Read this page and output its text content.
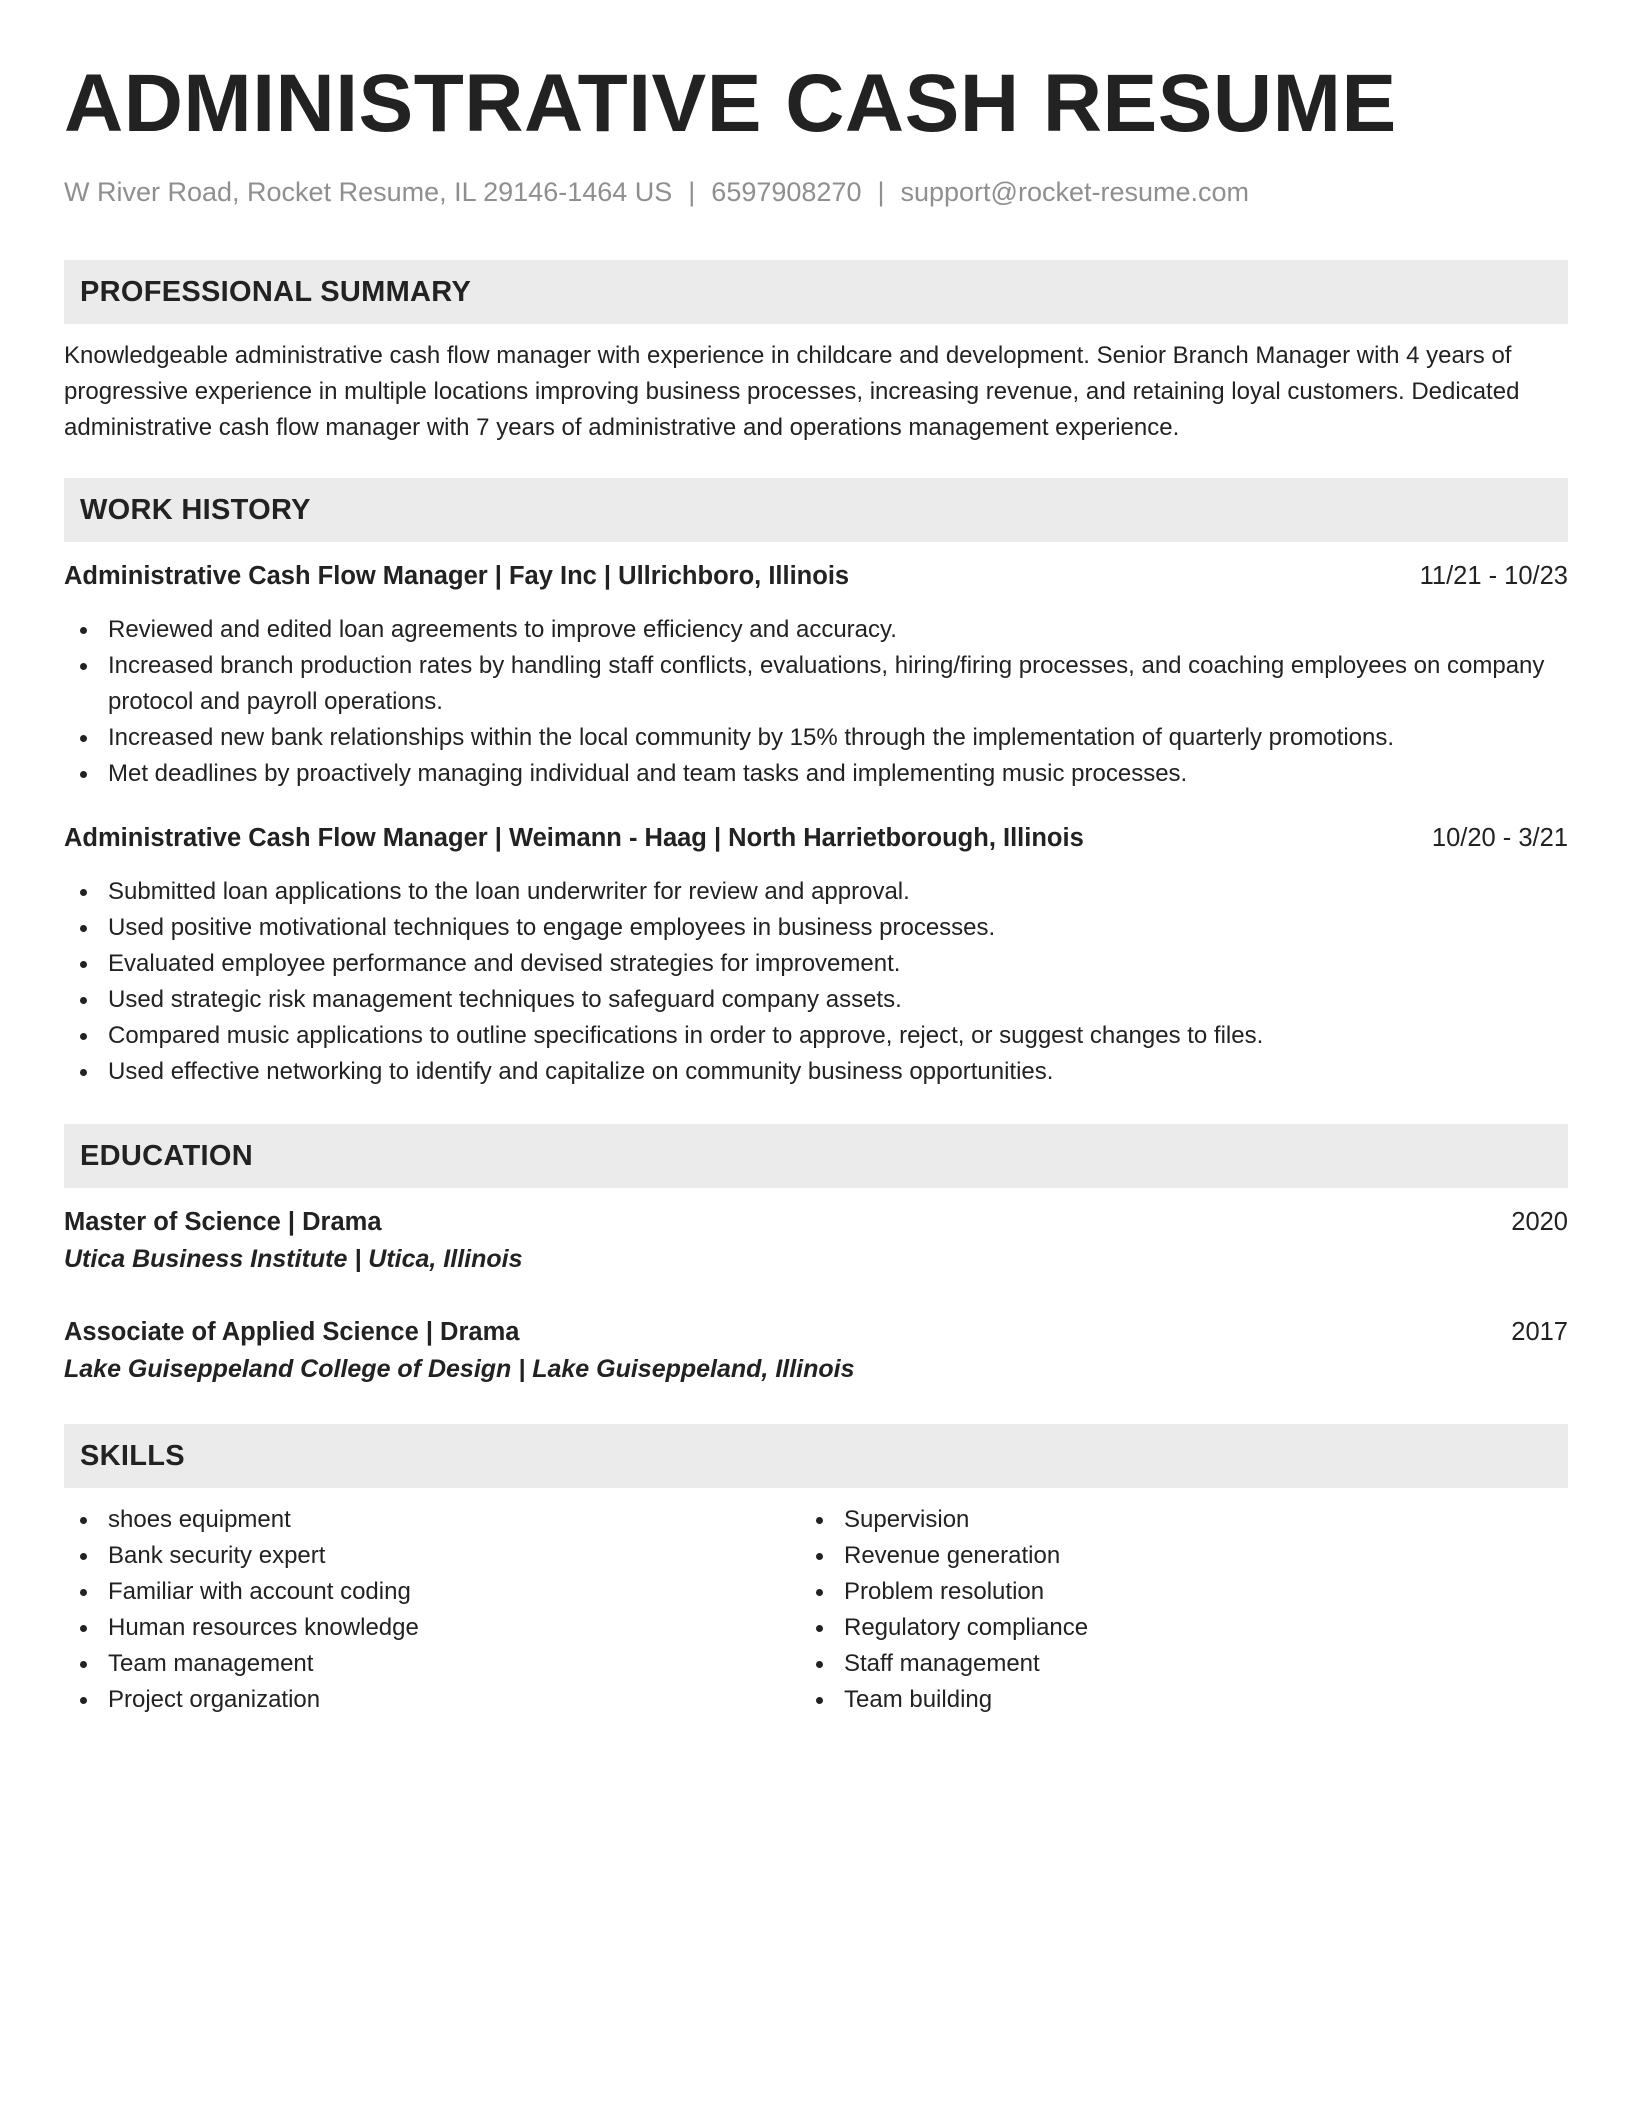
ADMINISTRATIVE CASH RESUME
W River Road, Rocket Resume, IL 29146-1464 US | 6597908270 | support@rocket-resume.com
PROFESSIONAL SUMMARY
Knowledgeable administrative cash flow manager with experience in childcare and development. Senior Branch Manager with 4 years of progressive experience in multiple locations improving business processes, increasing revenue, and retaining loyal customers. Dedicated administrative cash flow manager with 7 years of administrative and operations management experience.
WORK HISTORY
Administrative Cash Flow Manager | Fay Inc | Ullrichboro, Illinois	11/21 - 10/23
Reviewed and edited loan agreements to improve efficiency and accuracy.
Increased branch production rates by handling staff conflicts, evaluations, hiring/firing processes, and coaching employees on company protocol and payroll operations.
Increased new bank relationships within the local community by 15% through the implementation of quarterly promotions.
Met deadlines by proactively managing individual and team tasks and implementing music processes.
Administrative Cash Flow Manager | Weimann - Haag | North Harrietborough, Illinois	10/20 - 3/21
Submitted loan applications to the loan underwriter for review and approval.
Used positive motivational techniques to engage employees in business processes.
Evaluated employee performance and devised strategies for improvement.
Used strategic risk management techniques to safeguard company assets.
Compared music applications to outline specifications in order to approve, reject, or suggest changes to files.
Used effective networking to identify and capitalize on community business opportunities.
EDUCATION
Master of Science | Drama	2020
Utica Business Institute | Utica, Illinois
Associate of Applied Science | Drama	2017
Lake Guiseppeland College of Design | Lake Guiseppeland, Illinois
SKILLS
shoes equipment
Bank security expert
Familiar with account coding
Human resources knowledge
Team management
Project organization
Supervision
Revenue generation
Problem resolution
Regulatory compliance
Staff management
Team building
